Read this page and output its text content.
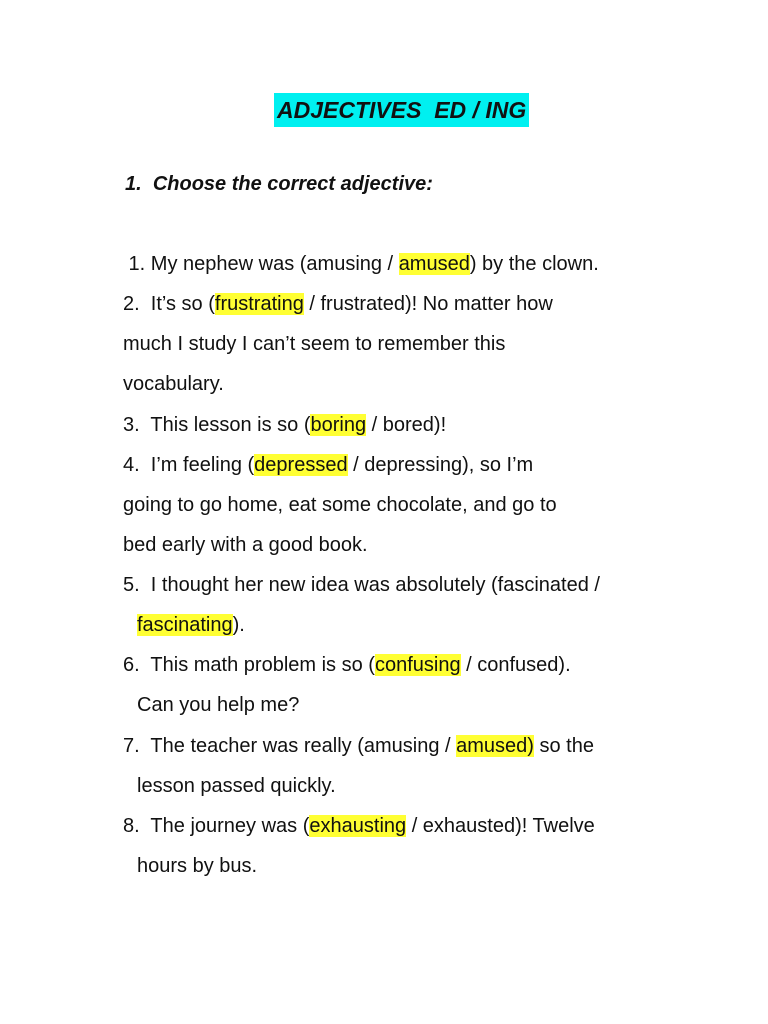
ADJECTIVES  ED / ING
1. Choose the correct adjective:
1. My nephew was (amusing / amused) by the clown.
2.  It’s so (frustrating / frustrated)! No matter how
much I study I can’t seem to remember this
vocabulary.
3.  This lesson is so (boring / bored)!
4.  I’m feeling (depressed / depressing), so I’m
going to go home, eat some chocolate, and go to
bed early with a good book.
5.  I thought her new idea was absolutely (fascinated /
fascinating).
6.  This math problem is so (confusing / confused).
Can you help me?
7.  The teacher was really (amusing / amused) so the
lesson passed quickly.
8.  The journey was (exhausting / exhausted)! Twelve
hours by bus.
